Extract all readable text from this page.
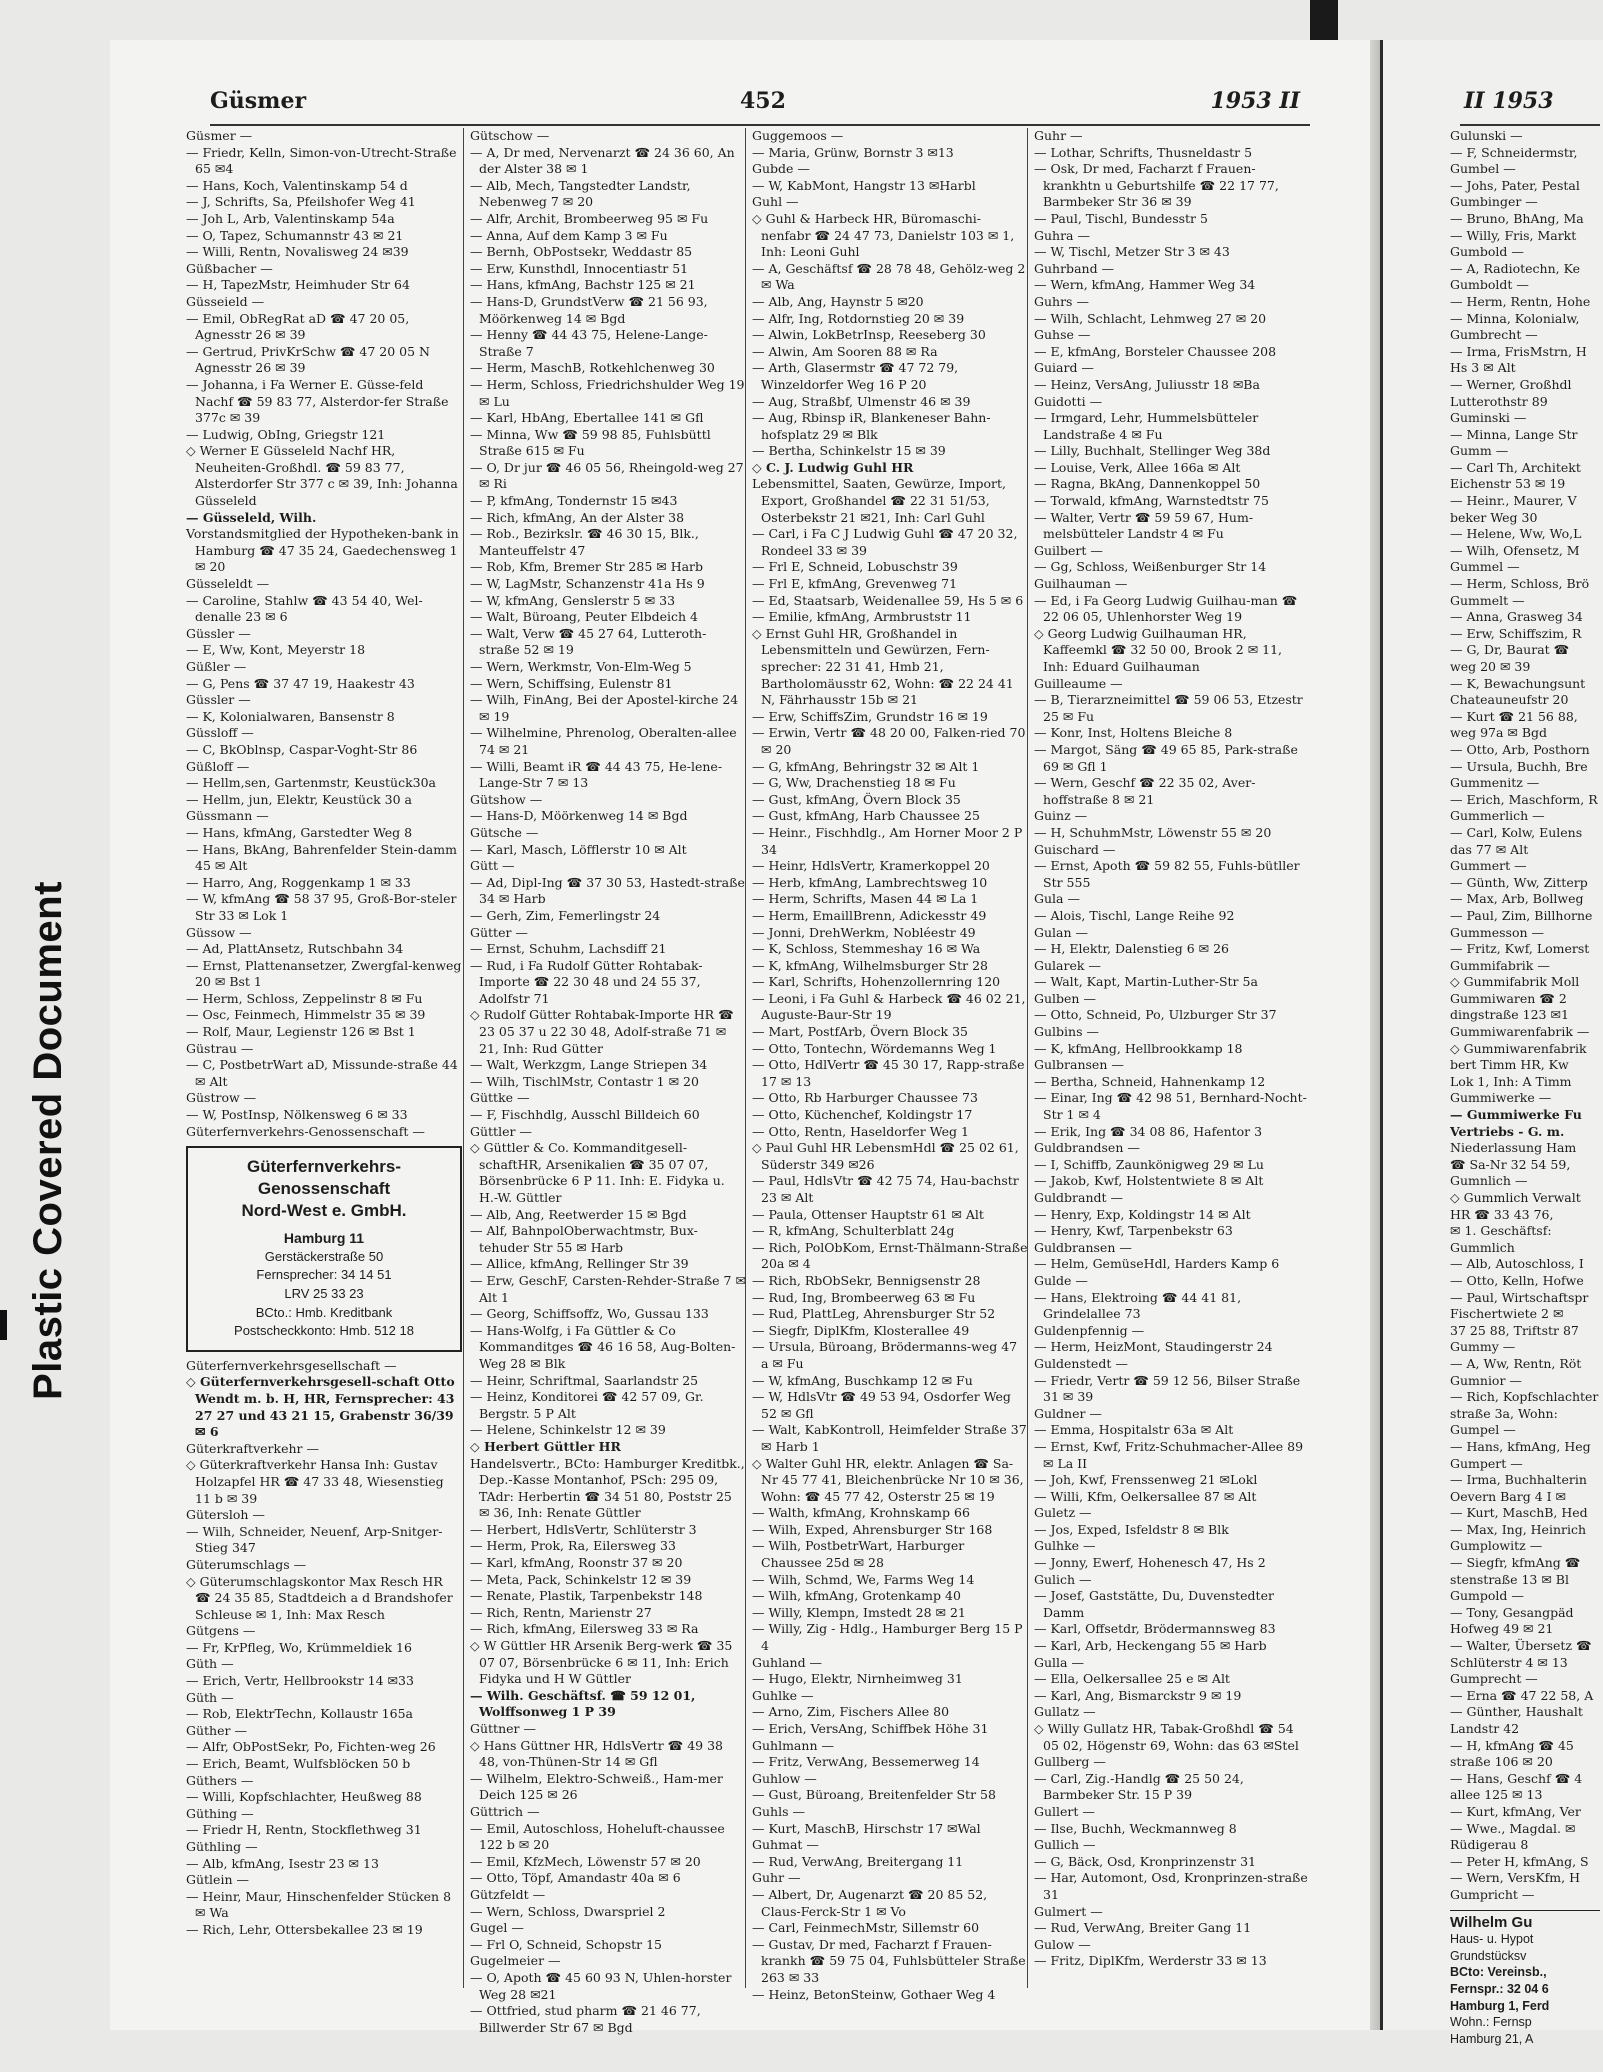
Plastic Covered Document
Güsmer	452	1953 II	II 1953

Güsmer —

— Friedr, Kelln, Simon-von-Utrecht-Straße 65 ✉4

— Hans, Koch, Valentinskamp 54 d

— J, Schrifts, Sa, Pfeilshofer Weg 41

— Joh L, Arb, Valentinskamp 54a

— O, Tapez, Schumannstr 43 ✉ 21

— Willi, Rentn, Novalisweg 24 ✉39

Güßbacher —

— H, TapezMstr, Heimhuder Str 64

Güsseield —

— Emil, ObRegRat aD ☎ 47 20 05, Agnesstr 26 ✉ 39

— Gertrud, PrivKrSchw ☎ 47 20 05 N Agnesstr 26 ✉ 39

— Johanna, i Fa Werner E. Güsse-feld Nachf ☎ 59 83 77, Alsterdor-fer Straße 377c ✉ 39

— Ludwig, ObIng, Griegstr 121

◇ Werner E Güsseleld Nachf HR, Neuheiten-Großhdl. ☎ 59 83 77, Alsterdorfer Str 377 c ✉ 39, Inh: Johanna Güsseleld

— Güsseleld, Wilh.

Vorstandsmitglied der Hypotheken-bank in Hamburg ☎ 47 35 24, Gaedechensweg 1 ✉ 20

Güsseleldt —

— Caroline, Stahlw ☎ 43 54 40, Wel-denalle 23 ✉ 6

Güssler —

— E, Ww, Kont, Meyerstr 18

Güßler —

— G, Pens ☎ 37 47 19, Haakestr 43

Güssler —

— K, Kolonialwaren, Bansenstr 8

Güssloff —

— C, BkOblnsp, Caspar-Voght-Str 86

Güßloff —

— Hellm,sen, Gartenmstr, Keustück30a

— Hellm, jun, Elektr, Keustück 30 a

Güssmann —

— Hans, kfmAng, Garstedter Weg 8

— Hans, BkAng, Bahrenfelder Stein-damm 45 ✉ Alt

— Harro, Ang, Roggenkamp 1 ✉ 33

— W, kfmAng ☎ 58 37 95, Groß-Bor-steler Str 33 ✉ Lok 1

Güssow —

— Ad, PlattAnsetz, Rutschbahn 34

— Ernst, Plattenansetzer, Zwergfal-kenweg 20 ✉ Bst 1

— Herm, Schloss, Zeppelinstr 8 ✉ Fu

— Osc, Feinmech, Himmelstr 35 ✉ 39

— Rolf, Maur, Legienstr 126 ✉ Bst 1

Güstrau —

— C, PostbetrWart aD, Missunde-straße 44 ✉ Alt

Güstrow —

— W, PostInsp, Nölkensweg 6 ✉ 33

Güterfernverkehrs-Genossenschaft —

Güterfernverkehrs-

Genossenschaft

Nord-West e. GmbH.

Hamburg 11

Gerstäckerstraße 50

Fernsprecher: 34 14 51

LRV 25 33 23

BCto.: Hmb. Kreditbank

Postscheckkonto: Hmb. 512 18

Güterfernverkehrsgesellschaft —

◇ Güterfernverkehrsgesell-schaft Otto Wendt m. b. H, HR, Fernsprecher: 43 27 27 und 43 21 15, Grabenstr 36/39 ✉ 6

Güterkraftverkehr —

◇ Güterkraftverkehr Hansa Inh: Gustav Holzapfel HR ☎ 47 33 48, Wiesenstieg 11 b ✉ 39

Gütersloh —

— Wilh, Schneider, Neuenf, Arp-Snitger-Stieg 347

Güterumschlags —

◇ Güterumschlagskontor Max Resch HR ☎ 24 35 85, Stadtdeich a d Brandshofer Schleuse ✉ 1, Inh: Max Resch

Gütgens —

— Fr, KrPfleg, Wo, Krümmeldiek 16

Güth —

— Erich, Vertr, Hellbrookstr 14 ✉33

Güth —

— Rob, ElektrTechn, Kollaustr 165a

Güther —

— Alfr, ObPostSekr, Po, Fichten-weg 26

— Erich, Beamt, Wulfsblöcken 50 b

Güthers —

— Willi, Kopfschlachter, Heußweg 88

Güthing —

— Friedr H, Rentn, Stockflethweg 31

Güthling —

— Alb, kfmAng, Isestr 23 ✉ 13

Gütlein —

— Heinr, Maur, Hinschenfelder Stücken 8 ✉ Wa

— Rich, Lehr, Ottersbekallee 23 ✉ 19

Gütschow —

— A, Dr med, Nervenarzt ☎ 24 36 60, An der Alster 38 ✉ 1

— Alb, Mech, Tangstedter Landstr, Nebenweg 7 ✉ 20

— Alfr, Archit, Brombeerweg 95 ✉ Fu

— Anna, Auf dem Kamp 3 ✉ Fu

— Bernh, ObPostsekr, Weddastr 85

— Erw, Kunsthdl, Innocentiastr 51

— Hans, kfmAng, Bachstr 125 ✉ 21

— Hans-D, GrundstVerw ☎ 21 56 93, Möörkenweg 14 ✉ Bgd

— Henny ☎ 44 43 75, Helene-Lange-Straße 7

— Herm, MaschB, Rotkehlchenweg 30

— Herm, Schloss, Friedrichshulder Weg 19 ✉ Lu

— Karl, HbAng, Ebertallee 141 ✉ Gfl

— Minna, Ww ☎ 59 98 85, Fuhlsbüttl Straße 615 ✉ Fu

— O, Dr jur ☎ 46 05 56, Rheingold-weg 27 ✉ Ri

— P, kfmAng, Tondernstr 15 ✉43

— Rich, kfmAng, An der Alster 38

— Rob., Bezirkslr. ☎ 46 30 15, Blk., Manteuffelstr 47

— Rob, Kfm, Bremer Str 285 ✉ Harb

— W, LagMstr, Schanzenstr 41a Hs 9

— W, kfmAng, Genslerstr 5 ✉ 33

— Walt, Büroang, Peuter Elbdeich 4

— Walt, Verw ☎ 45 27 64, Lutteroth-straße 52 ✉ 19

— Wern, Werkmstr, Von-Elm-Weg 5

— Wern, Schiffsing, Eulenstr 81

— Wilh, FinAng, Bei der Apostel-kirche 24 ✉ 19

— Wilhelmine, Phrenolog, Oberalten-allee 74 ✉ 21

— Willi, Beamt iR ☎ 44 43 75, He-lene-Lange-Str 7 ✉ 13

Gütshow —

— Hans-D, Möörkenweg 14 ✉ Bgd

Gütsche —

— Karl, Masch, Löfflerstr 10 ✉ Alt

Gütt —

— Ad, Dipl-Ing ☎ 37 30 53, Hastedt-straße 34 ✉ Harb

— Gerh, Zim, Femerlingstr 24

Gütter —

— Ernst, Schuhm, Lachsdiff 21

— Rud, i Fa Rudolf Gütter Rohtabak-Importe ☎ 22 30 48 und 24 55 37, Adolfstr 71

◇ Rudolf Gütter Rohtabak-Importe HR ☎ 23 05 37 u 22 30 48, Adolf-straße 71 ✉ 21, Inh: Rud Gütter

— Walt, Werkzgm, Lange Striepen 34

— Wilh, TischlMstr, Contastr 1 ✉ 20

Güttke —

— F, Fischhdlg, Ausschl Billdeich 60

Güttler —

◇ Güttler & Co. Kommanditgesell-schaftHR, Arsenikalien ☎ 35 07 07, Börsenbrücke 6 P 11. Inh: E. Fidyka u. H.-W. Güttler

— Alb, Ang, Reetwerder 15 ✉ Bgd

— Alf, BahnpolOberwachtmstr, Bux-tehuder Str 55 ✉ Harb

— Allice, kfmAng, Rellinger Str 39

— Erw, GeschF, Carsten-Rehder-Straße 7 ✉ Alt 1

— Georg, Schiffsoffz, Wo, Gussau 133

— Hans-Wolfg, i Fa Güttler & Co Kommanditges ☎ 46 16 58, Aug-Bolten-Weg 28 ✉ Blk

— Heinr, Schriftmal, Saarlandstr 25

— Heinz, Konditorei ☎ 42 57 09, Gr. Bergstr. 5 P Alt

— Helene, Schinkelstr 12 ✉ 39

◇ Herbert Güttler HR

Handelsvertr., BCto: Hamburger Kreditbk., Dep.-Kasse Montanhof, PSch: 295 09, TAdr: Herbertin ☎ 34 51 80, Poststr 25 ✉ 36, Inh: Renate Güttler

— Herbert, HdlsVertr, Schlüterstr 3

— Herm, Prok, Ra, Eilersweg 33

— Karl, kfmAng, Roonstr 37 ✉ 20

— Meta, Pack, Schinkelstr 12 ✉ 39

— Renate, Plastik, Tarpenbekstr 148

— Rich, Rentn, Marienstr 27

— Rich, kfmAng, Eilersweg 33 ✉ Ra

◇ W Güttler HR Arsenik Berg-werk ☎ 35 07 07, Börsenbrücke 6 ✉ 11, Inh: Erich Fidyka und H W Güttler

— Wilh. Geschäftsf. ☎ 59 12 01, Wolffsonweg 1 P 39

Güttner —

◇ Hans Güttner HR, HdlsVertr ☎ 49 38 48, von-Thünen-Str 14 ✉ Gfl

— Wilhelm, Elektro-Schweiß., Ham-mer Deich 125 ✉ 26

Güttrich —

— Emil, Autoschloss, Hoheluft-chaussee 122 b ✉ 20

— Emil, KfzMech, Löwenstr 57 ✉ 20

— Otto, Töpf, Amandastr 40a ✉ 6

Gützfeldt —

— Wern, Schloss, Dwarspriel 2

Gugel —

— Frl O, Schneid, Schopstr 15

Gugelmeier —

— O, Apoth ☎ 45 60 93 N, Uhlen-horster Weg 28 ✉21

— Ottfried, stud pharm ☎ 21 46 77, Billwerder Str 67 ✉ Bgd

Guggemoos —

— Maria, Grünw, Bornstr 3 ✉13

Gubde —

— W, KabMont, Hangstr 13 ✉Harbl

Guhl —

◇ Guhl & Harbeck HR, Büromaschi-nenfabr ☎ 24 47 73, Danielstr 103 ✉ 1, Inh: Leoni Guhl

— A, Geschäftsf ☎ 28 78 48, Gehölz-weg 2 ✉ Wa

— Alb, Ang, Haynstr 5 ✉20

— Alfr, Ing, Rotdornstieg 20 ✉ 39

— Alwin, LokBetrInsp, Reeseberg 30

— Alwin, Am Sooren 88 ✉ Ra

— Arth, Glasermstr ☎ 47 72 79, Winzeldorfer Weg 16 P 20

— Aug, Straßbf, Ulmenstr 46 ✉ 39

— Aug, Rbinsp iR, Blankeneser Bahn-hofsplatz 29 ✉ Blk

— Bertha, Schinkelstr 15 ✉ 39

◇ C. J. Ludwig Guhl HR

Lebensmittel, Saaten, Gewürze, Import, Export, Großhandel ☎ 22 31 51/53, Osterbekstr 21 ✉21, Inh: Carl Guhl

— Carl, i Fa C J Ludwig Guhl ☎ 47 20 32, Rondeel 33 ✉ 39

— Frl E, Schneid, Lobuschstr 39

— Frl E, kfmAng, Grevenweg 71

— Ed, Staatsarb, Weidenallee 59, Hs 5 ✉ 6

— Emilie, kfmAng, Armbruststr 11

◇ Ernst Guhl HR, Großhandel in Lebensmitteln und Gewürzen, Fern-sprecher: 22 31 41, Hmb 21, Bartholomäusstr 62, Wohn: ☎ 22 24 41 N, Fährhausstr 15b ✉ 21

— Erw, SchiffsZim, Grundstr 16 ✉ 19

— Erwin, Vertr ☎ 48 20 00, Falken-ried 70 ✉ 20

— G, kfmAng, Behringstr 32 ✉ Alt 1

— G, Ww, Drachenstieg 18 ✉ Fu

— Gust, kfmAng, Övern Block 35

— Gust, kfmAng, Harb Chaussee 25

— Heinr., Fischhdlg., Am Horner Moor 2 P 34

— Heinr, HdlsVertr, Kramerkoppel 20

— Herb, kfmAng, Lambrechtsweg 10

— Herm, Schrifts, Masen 44 ✉ La 1

— Herm, EmaillBrenn, Adickesstr 49

— Jonni, DrehWerkm, Nobléestr 49

— K, Schloss, Stemmeshay 16 ✉ Wa

— K, kfmAng, Wilhelmsburger Str 28

— Karl, Schrifts, Hohenzollernring 120

— Leoni, i Fa Guhl & Harbeck ☎ 46 02 21, Auguste-Baur-Str 19

— Mart, PostfArb, Övern Block 35

— Otto, Tontechn, Wördemanns Weg 1

— Otto, HdlVertr ☎ 45 30 17, Rapp-straße 17 ✉ 13

— Otto, Rb Harburger Chaussee 73

— Otto, Küchenchef, Koldingstr 17

— Otto, Rentn, Haseldorfer Weg 1

◇ Paul Guhl HR LebensmHdl ☎ 25 02 61, Süderstr 349 ✉26

— Paul, HdlsVtr ☎ 42 75 74, Hau-bachstr 23 ✉ Alt

— Paula, Ottenser Hauptstr 61 ✉ Alt

— R, kfmAng, Schulterblatt 24g

— Rich, PolObKom, Ernst-Thälmann-Straße 20a ✉ 4

— Rich, RbObSekr, Bennigsenstr 28

— Rud, Ing, Brombeerweg 63 ✉ Fu

— Rud, PlattLeg, Ahrensburger Str 52

— Siegfr, DiplKfm, Klosterallee 49

— Ursula, Büroang, Brödermanns-weg 47 a ✉ Fu

— W, kfmAng, Buschkamp 12 ✉ Fu

— W, HdlsVtr ☎ 49 53 94, Osdorfer Weg 52 ✉ Gfl

— Walt, KabKontroll, Heimfelder Straße 37 ✉ Harb 1

◇ Walter Guhl HR, elektr. Anlagen ☎ Sa-Nr 45 77 41, Bleichenbrücke Nr 10 ✉ 36, Wohn: ☎ 45 77 42, Osterstr 25 ✉ 19

— Walth, kfmAng, Krohnskamp 66

— Wilh, Exped, Ahrensburger Str 168

— Wilh, PostbetrWart, Harburger Chaussee 25d ✉ 28

— Wilh, Schmd, We, Farms Weg 14

— Wilh, kfmAng, Grotenkamp 40

— Willy, Klempn, Imstedt 28 ✉ 21

— Willy, Zig - Hdlg., Hamburger Berg 15 P 4

Guhland —

— Hugo, Elektr, Nirnheimweg 31

Guhlke —

— Arno, Zim, Fischers Allee 80

— Erich, VersAng, Schiffbek Höhe 31

Guhlmann —

— Fritz, VerwAng, Bessemerweg 14

Guhlow —

— Gust, Büroang, Breitenfelder Str 58

Guhls —

— Kurt, MaschB, Hirschstr 17 ✉Wal

Guhmat —

— Rud, VerwAng, Breitergang 11

Guhr —

— Albert, Dr, Augenarzt ☎ 20 85 52, Claus-Ferck-Str 1 ✉ Vo

— Carl, FeinmechMstr, Sillemstr 60

— Gustav, Dr med, Facharzt f Frauen-krankh ☎ 59 75 04, Fuhlsbütteler Straße 263 ✉ 33

— Heinz, BetonSteinw, Gothaer Weg 4

Guhr —

— Lothar, Schrifts, Thusneldastr 5

— Osk, Dr med, Facharzt f Frauen-krankhtn u Geburtshilfe ☎ 22 17 77, Barmbeker Str 36 ✉ 39

— Paul, Tischl, Bundesstr 5

Guhra —

— W, Tischl, Metzer Str 3 ✉ 43

Guhrband —

— Wern, kfmAng, Hammer Weg 34

Guhrs —

— Wilh, Schlacht, Lehmweg 27 ✉ 20

Guhse —

— E, kfmAng, Borsteler Chaussee 208

Guiard —

— Heinz, VersAng, Juliusstr 18 ✉Ba

Guidotti —

— Irmgard, Lehr, Hummelsbütteler Landstraße 4 ✉ Fu

— Lilly, Buchhalt, Stellinger Weg 38d

— Louise, Verk, Allee 166a ✉ Alt

— Ragna, BkAng, Dannenkoppel 50

— Torwald, kfmAng, Warnstedtstr 75

— Walter, Vertr ☎ 59 59 67, Hum-melsbütteler Landstr 4 ✉ Fu

Guilbert —

— Gg, Schloss, Weißenburger Str 14

Guilhauman —

— Ed, i Fa Georg Ludwig Guilhau-man ☎ 22 06 05, Uhlenhorster Weg 19

◇ Georg Ludwig Guilhauman HR, Kaffeemkl ☎ 32 50 00, Brook 2 ✉ 11, Inh: Eduard Guilhauman

Guilleaume —

— B, Tierarzneimittel ☎ 59 06 53, Etzestr 25 ✉ Fu

— Konr, Inst, Holtens Bleiche 8

— Margot, Säng ☎ 49 65 85, Park-straße 69 ✉ Gfl 1

— Wern, Geschf ☎ 22 35 02, Aver-hoffstraße 8 ✉ 21

Guinz —

— H, SchuhmMstr, Löwenstr 55 ✉ 20

Guischard —

— Ernst, Apoth ☎ 59 82 55, Fuhls-bütller Str 555

Gula —

— Alois, Tischl, Lange Reihe 92

Gulan —

— H, Elektr, Dalenstieg 6 ✉ 26

Gularek —

— Walt, Kapt, Martin-Luther-Str 5a

Gulben —

— Otto, Schneid, Po, Ulzburger Str 37

Gulbins —

— K, kfmAng, Hellbrookkamp 18

Gulbransen —

— Bertha, Schneid, Hahnenkamp 12

— Einar, Ing ☎ 42 98 51, Bernhard-Nocht-Str 1 ✉ 4

— Erik, Ing ☎ 34 08 86, Hafentor 3

Guldbrandsen —

— I, Schiffb, Zaunkönigweg 29 ✉ Lu

— Jakob, Kwf, Holstentwiete 8 ✉ Alt

Guldbrandt —

— Henry, Exp, Koldingstr 14 ✉ Alt

— Henry, Kwf, Tarpenbekstr 63

Guldbransen —

— Helm, GemüseHdl, Harders Kamp 6

Gulde —

— Hans, Elektroing ☎ 44 41 81, Grindelallee 73

Guldenpfennig —

— Herm, HeizMont, Staudingerstr 24

Guldenstedt —

— Friedr, Vertr ☎ 59 12 56, Bilser Straße 31 ✉ 39

Guldner —

— Emma, Hospitalstr 63a ✉ Alt

— Ernst, Kwf, Fritz-Schuhmacher-Allee 89 ✉ La II

— Joh, Kwf, Frenssenweg 21 ✉Lokl

— Willi, Kfm, Oelkersallee 87 ✉ Alt

Guletz —

— Jos, Exped, Isfeldstr 8 ✉ Blk

Gulhke —

— Jonny, Ewerf, Hohenesch 47, Hs 2

Gulich —

— Josef, Gaststätte, Du, Duvenstedter Damm

— Karl, Offsetdr, Brödermannsweg 83

— Karl, Arb, Heckengang 55 ✉ Harb

Gulla —

— Ella, Oelkersallee 25 e ✉ Alt

— Karl, Ang, Bismarckstr 9 ✉ 19

Gullatz —

◇ Willy Gullatz HR, Tabak-Großhdl ☎ 54 05 02, Högenstr 69, Wohn: das 63 ✉Stel

Gullberg —

— Carl, Zig.-Handlg ☎ 25 50 24, Barmbeker Str. 15 P 39

Gullert —

— Ilse, Buchh, Weckmannweg 8

Gullich —

— G, Bäck, Osd, Kronprinzenstr 31

— Har, Automont, Osd, Kronprinzen-straße 31

Gulmert —

— Rud, VerwAng, Breiter Gang 11

Gulow —

— Fritz, DiplKfm, Werderstr 33 ✉ 13

Gulunski —

— F, Schneidermstr,

Gumbel —

— Johs, Pater, Pestal

Gumbinger —

— Bruno, BhAng, Ma

— Willy, Fris, Markt

Gumbold —

— A, Radiotechn, Ke

Gumboldt —

— Herm, Rentn, Hohe

— Minna, Kolonialw,

Gumbrecht —

— Irma, FrisMstrn, H

Hs 3 ✉ Alt

— Werner, Großhdl

Lutterothstr 89

Guminski —

— Minna, Lange Str

Gumm —

— Carl Th, Architekt

Eichenstr 53 ✉ 19

— Heinr., Maurer, V

beker Weg 30

— Helene, Ww, Wo,L

— Wilh, Ofensetz, M

Gummel —

— Herm, Schloss, Brö

Gummelt —

— Anna, Grasweg 34

— Erw, Schiffszim, R

— G, Dr, Baurat ☎

weg 20 ✉ 39

— K, Bewachungsunt

Chateauneufstr 20

— Kurt ☎ 21 56 88,

weg 97a ✉ Bgd

— Otto, Arb, Posthorn

— Ursula, Buchh, Bre

Gummenitz —

— Erich, Maschform, R

Gummerlich —

— Carl, Kolw, Eulens

das 77 ✉ Alt

Gummert —

— Günth, Ww, Zitterp

— Max, Arb, Bollweg

— Paul, Zim, Billhorne

Gummesson —

— Fritz, Kwf, Lomerst

Gummifabrik —

◇ Gummifabrik Moll

Gummiwaren ☎ 2

dingstraße 123 ✉1

Gummiwarenfabrik —

◇ Gummiwarenfabrik

bert Timm HR, Kw

Lok 1, Inh: A Timm

Gummiwerke —

— Gummiwerke Fu

Vertriebs - G. m.

Niederlassung Ham

☎ Sa-Nr 32 54 59,

Gumnlich —

◇ Gummlich Verwalt

HR ☎ 33 43 76,

✉ 1. Geschäftsf:

Gummlich

— Alb, Autoschloss, I

— Otto, Kelln, Hofwe

— Paul, Wirtschaftspr

Fischertwiete 2 ✉

37 25 88, Triftstr 87

Gummy —

— A, Ww, Rentn, Röt

Gumnior —

— Rich, Kopfschlachter

straße 3a, Wohn:

Gumpel —

— Hans, kfmAng, Heg

Gumpert —

— Irma, Buchhalterin

Oevern Barg 4 I ✉

— Kurt, MaschB, Hed

— Max, Ing, Heinrich

Gumplowitz —

— Siegfr, kfmAng ☎

stenstraße 13 ✉ Bl

Gumpold —

— Tony, Gesangpäd

Hofweg 49 ✉ 21

— Walter, Übersetz ☎

Schlüterstr 4 ✉ 13

Gumprecht —

— Erna ☎ 47 22 58, A

— Günther, Haushalt

Landstr 42

— H, kfmAng ☎ 45

straße 106 ✉ 20

— Hans, Geschf ☎ 4

allee 125 ✉ 13

— Kurt, kfmAng, Ver

— Wwe., Magdal. ✉

Rüdigerau 8

— Peter H, kfmAng, S

— Wern, VersKfm, H

Gumpricht —

Wilhelm Gu

Haus- u. Hypot

Grundstücksv

BCto: Vereinsb.,

Fernspr.: 32 04 6

Hamburg 1, Ferd

Wohn.: Fernsp

Hamburg 21, A
